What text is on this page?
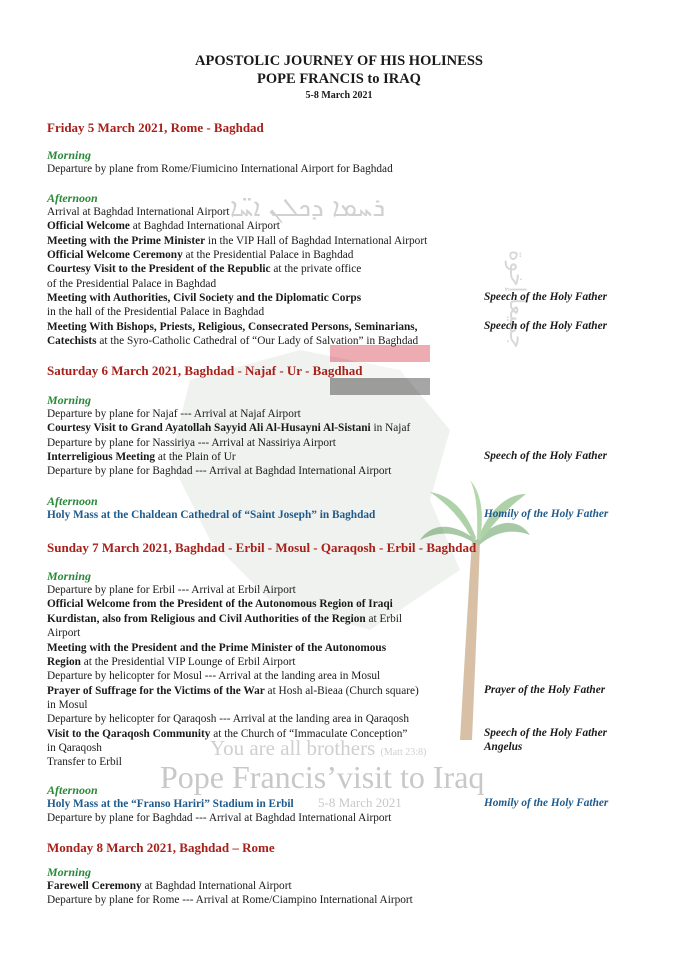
ܪܚܡܐ ܕܟܠܢ ܐܚ̈ܐ
ﺟﻤﻴﻌﺎ ﺇﺧﻮﺓ
You are all brothers (Matt 23:8)
Pope Francis’visit to Iraq
5-8 March 2021
APOSTOLIC JOURNEY OF HIS HOLINESS
POPE FRANCIS to IRAQ
5-8 March 2021
Friday 5 March 2021, Rome - Baghdad
Morning
Departure by plane from Rome/Fiumicino International Airport for Baghdad
Afternoon
Arrival at Baghdad International Airport
Official Welcome at Baghdad International Airport
Meeting with the Prime Minister in the VIP Hall of Baghdad International Airport
Official Welcome Ceremony at the Presidential Palace in Baghdad
Courtesy Visit to the President of the Republic at the private office
of the Presidential Palace in Baghdad
Meeting with Authorities, Civil Society and the Diplomatic Corps
in the hall of the Presidential Palace in Baghdad
Meeting With Bishops, Priests, Religious, Consecrated Persons, Seminarians,
Catechists at the Syro-Catholic Cathedral of “Our Lady of Salvation” in Baghdad
Speech of the Holy Father
Speech of the Holy Father
Saturday 6 March 2021, Baghdad - Najaf - Ur - Bagdhad
Morning
Departure by plane for Najaf --- Arrival at Najaf Airport
Courtesy Visit to Grand Ayatollah Sayyid Ali Al-Husayni Al-Sistani in Najaf
Departure by plane for Nassiriya --- Arrival at Nassiriya Airport
Interreligious Meeting at the Plain of Ur
Departure by plane for Baghdad --- Arrival at Baghdad International Airport
Speech of the Holy Father
Afternoon
Holy Mass at the Chaldean Cathedral of “Saint Joseph” in Baghdad	Homily of the Holy Father
Sunday 7 March 2021, Baghdad - Erbil - Mosul - Qaraqosh - Erbil - Baghdad
Morning
Departure by plane for Erbil --- Arrival at Erbil Airport
Official Welcome from the President of the Autonomous Region of Iraqi
Kurdistan, also from Religious and Civil Authorities of the Region at Erbil
Airport
Meeting with the President and the Prime Minister of the Autonomous
Region at the Presidential VIP Lounge of Erbil Airport
Departure by helicopter for Mosul --- Arrival at the landing area in Mosul
Prayer of Suffrage for the Victims of the War at Hosh al-Bieaa (Church square)
in Mosul
Departure by helicopter for Qaraqosh --- Arrival at the landing area in Qaraqosh
Visit to the Qaraqosh Community at the Church of “Immaculate Conception”
in Qaraqosh
Transfer to Erbil
Prayer of the Holy Father
Speech of the Holy Father
Angelus
Afternoon
Holy Mass at the “Franso Hariri” Stadium in Erbil
Departure by plane for Baghdad --- Arrival at Baghdad International Airport
Homily of the Holy Father
Monday 8 March 2021, Baghdad – Rome
Morning
Farewell Ceremony at Baghdad International Airport
Departure by plane for Rome --- Arrival at Rome/Ciampino International Airport
